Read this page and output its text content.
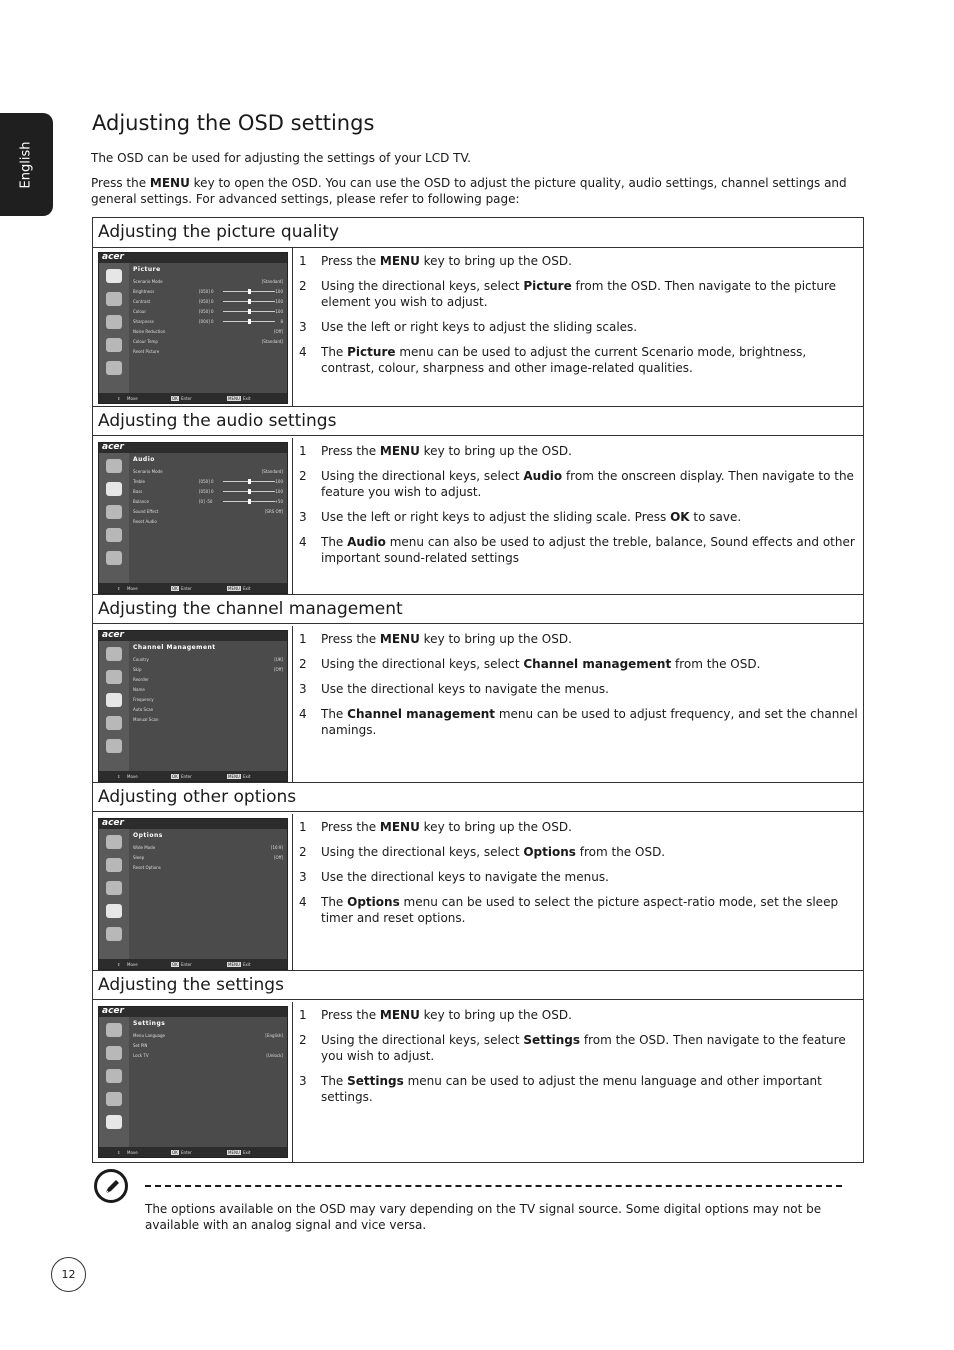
English
Adjusting the OSD settings

The OSD can be used for adjusting the settings of your LCD TV.

Press the MENU key to open the OSD. You can use the OSD to adjust the picture quality, audio settings, channel settings and general settings. For advanced settings, please refer to following page:

Adjusting the picture quality
acer
Picture
Scenario Mode	[Standard]
Brightness	[050] 0	100
Contrast	[050] 0	100
Colour	[050] 0	100
Sharpness	[004] 0	8
Noise Reduction	[Off]
Colour Temp	[Standard]
Reset Picture
⇕ Move	OK Enter	MENU Exit
1 Press the MENU key to bring up the OSD.
2 Using the directional keys, select Picture from the OSD. Then navigate to the picture element you wish to adjust.
3 Use the left or right keys to adjust the sliding scales.
4 The Picture menu can be used to adjust the current Scenario mode, brightness, contrast, colour, sharpness and other image-related qualities.
Adjusting the audio settings
acer
Audio
Scenario Mode	[Standard]
Treble	[050] 0	100
Bass	[050] 0	100
Balance	[0] -50	+50
Sound Effect	[SRS Off]
Reset Audio
⇕ Move	OK Enter	MENU Exit
1 Press the MENU key to bring up the OSD.
2 Using the directional keys, select Audio from the onscreen display. Then navigate to the feature you wish to adjust.
3 Use the left or right keys to adjust the sliding scale. Press OK to save.
4 The Audio menu can also be used to adjust the treble, balance, Sound effects and other important sound-related settings
Adjusting the channel management
acer
Channel Management
Country	[UK]
Skip	[Off]
Reorder
Name
Frequency
Auto Scan
Manual Scan
⇕ Move	OK Enter	MENU Exit
1 Press the MENU key to bring up the OSD.
2 Using the directional keys, select Channel management from the OSD.
3 Use the directional keys to navigate the menus.
4 The Channel management menu can be used to adjust frequency, and set the channel namings.
Adjusting other options
acer
Options
Wide Mode	[16:9]
Sleep	[Off]
Reset Options
⇕ Move	OK Enter	MENU Exit
1 Press the MENU key to bring up the OSD.
2 Using the directional keys, select Options from the OSD.
3 Use the directional keys to navigate the menus.
4 The Options menu can be used to select the picture aspect-ratio mode, set the sleep timer and reset options.
Adjusting the settings
acer
Settings
Menu Language	[English]
Set PIN
Lock TV	[Unlock]
⇕ Move	OK Enter	MENU Exit
1 Press the MENU key to bring up the OSD.
2 Using the directional keys, select Settings from the OSD. Then navigate to the feature you wish to adjust.
3 The Settings menu can be used to adjust the menu language and other important settings.

The options available on the OSD may vary depending on the TV signal source. Some digital options may not be available with an analog signal and vice versa.

12
